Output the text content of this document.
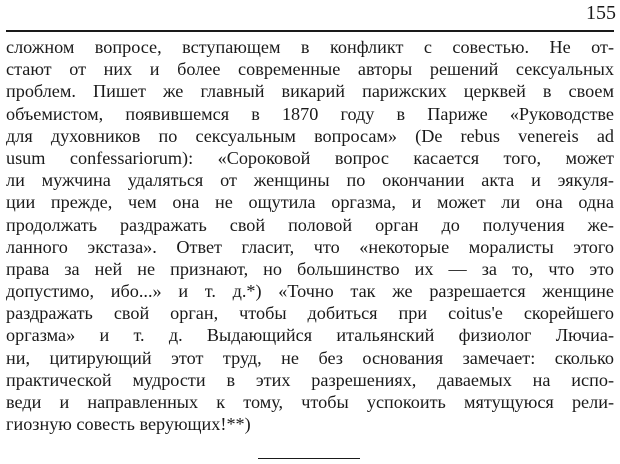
155
сложном вопросе, вступающем в конфликт с совестью. Не от-
стают от них и более современные авторы решений сексуальных
проблем. Пишет же главный викарий парижских церквей в своем
объемистом, появившемся в 1870 году в Париже «Руководстве
для духовников по сексуальным вопросам» (De rebus venereis ad
usum confessariorum): «Сороковой вопрос касается того, может
ли мужчина удаляться от женщины по окончании акта и эякуля-
ции прежде, чем она не ощутила оргазма, и может ли она одна
продолжать раздражать свой половой орган до получения же-
ланного экстаза». Ответ гласит, что «некоторые моралисты этого
права за ней не признают, но большинство их — за то, что это
допустимо, ибо...» и т. д.*) «Точно так же разрешается женщине
раздражать свой орган, чтобы добиться при coitus'е скорейшего
оргазма» и т. д. Выдающийся итальянский физиолог Лючиа-
ни, цитирующий этот труд, не без основания замечает: сколько
практической мудрости в этих разрешениях, даваемых на испо-
веди и направленных к тому, чтобы успокоить мятущуюся рели-
гиозную совесть верующих!**)
